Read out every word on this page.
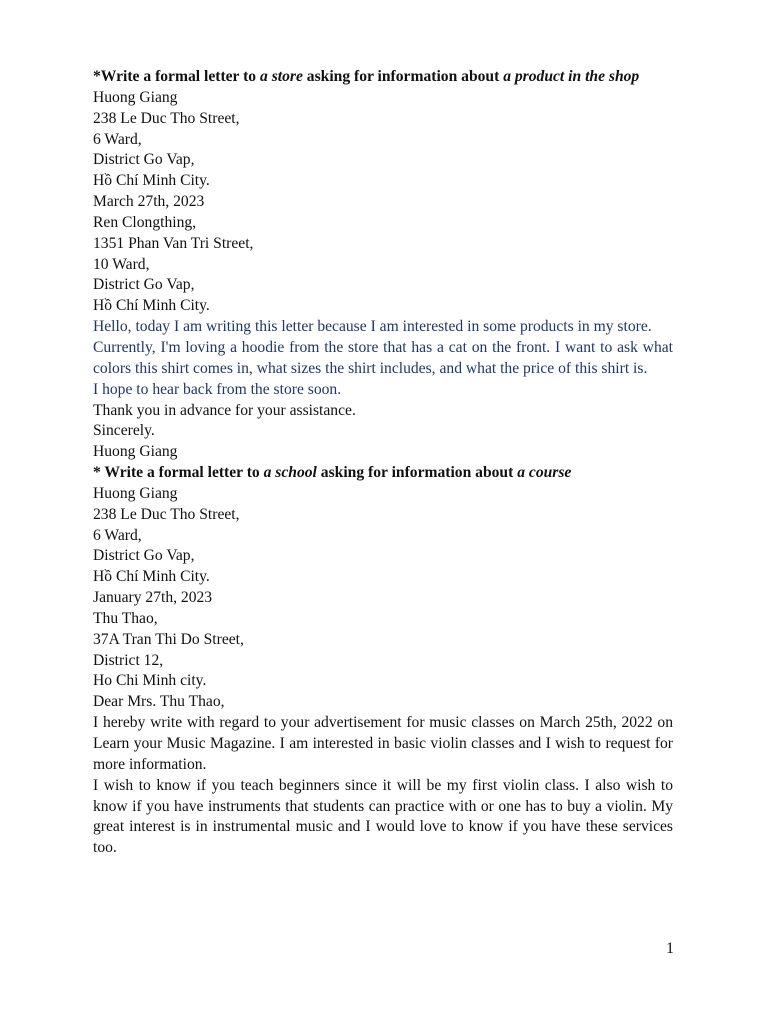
*Write a formal letter to a store asking for information about a product in the shop

Huong Giang

238 Le Duc Tho Street,

6 Ward,

District Go Vap,

Hồ Chí Minh City.

March 27th, 2023

Ren Clongthing,

1351 Phan Van Tri Street,

10 Ward,

District Go Vap,

Hồ Chí Minh City.

Hello, today I am writing this letter because I am interested in some products in my store.

Currently, I'm loving a hoodie from the store that has a cat on the front. I want to ask what colors this shirt comes in, what sizes the shirt includes, and what the price of this shirt is.

I hope to hear back from the store soon.

Thank you in advance for your assistance.

Sincerely.

Huong Giang

* Write a formal letter to a school asking for information about a course

Huong Giang

238 Le Duc Tho Street,

6 Ward,

District Go Vap,

Hồ Chí Minh City.

January 27th, 2023

Thu Thao,

37A Tran Thi Do Street,

District 12,

Ho Chi Minh city.

Dear Mrs. Thu Thao,

I hereby write with regard to your advertisement for music classes on March 25th, 2022 on Learn your Music Magazine. I am interested in basic violin classes and I wish to request for more information.

I wish to know if you teach beginners since it will be my first violin class. I also wish to know if you have instruments that students can practice with or one has to buy a violin. My great interest is in instrumental music and I would love to know if you have these services too.

1
